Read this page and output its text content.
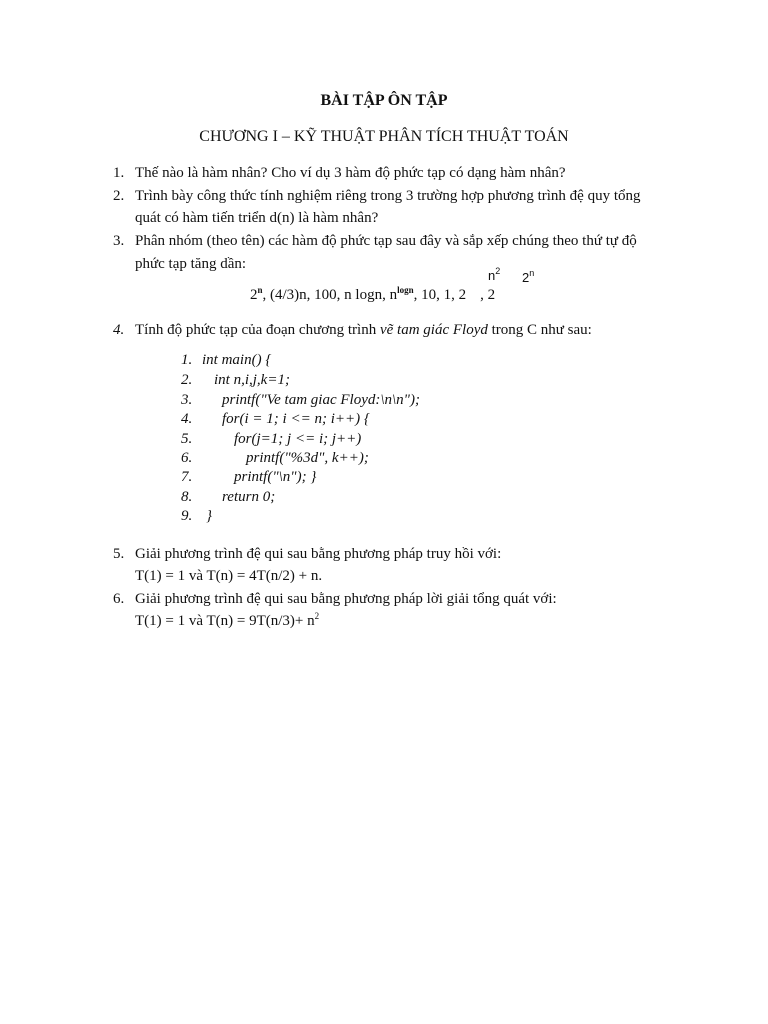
BÀI TẬP ÔN TẬP
CHƯƠNG I – KỸ THUẬT PHÂN TÍCH THUẬT TOÁN
1. Thế nào là hàm nhân? Cho ví dụ 3 hàm độ phức tạp có dạng hàm nhân?
2. Trình bày công thức tính nghiệm riêng trong 3 trường hợp phương trình đệ quy tổng
quát có hàm tiến triển d(n) là hàm nhân?
3. Phân nhóm (theo tên) các hàm độ phức tạp sau đây và sắp xếp chúng theo thứ tự độ
phức tạp tăng dần:
2$^n$, (4/3)n, 100, n logn, $n^{logn}$, 10, 1, 2 , 2
$n^2$ 2$^n$
4. Tính độ phức tạp của đoạn chương trình vẽ tam giác Floyd trong C như sau:
1. int main() {
2. int n,i,j,k=1;
3. printf("Ve tam giac Floyd:\n\n");
4. for(i = 1; i <= n; i++) {
5.	for(j=1; j <= i; j++)
6.	printf("%3d", k++);
7.	printf("\n"); }
8. return 0;
9. }
5. Giải phương trình đệ qui sau bằng phương pháp truy hồi với:
T(1) = 1 và T(n) = 4T(n/2) + n.
6. Giải phương trình đệ qui sau bằng phương pháp lời giải tổng quát với:
T(1) = 1 và $T(n) = 9T(n/3)+ n^2$
